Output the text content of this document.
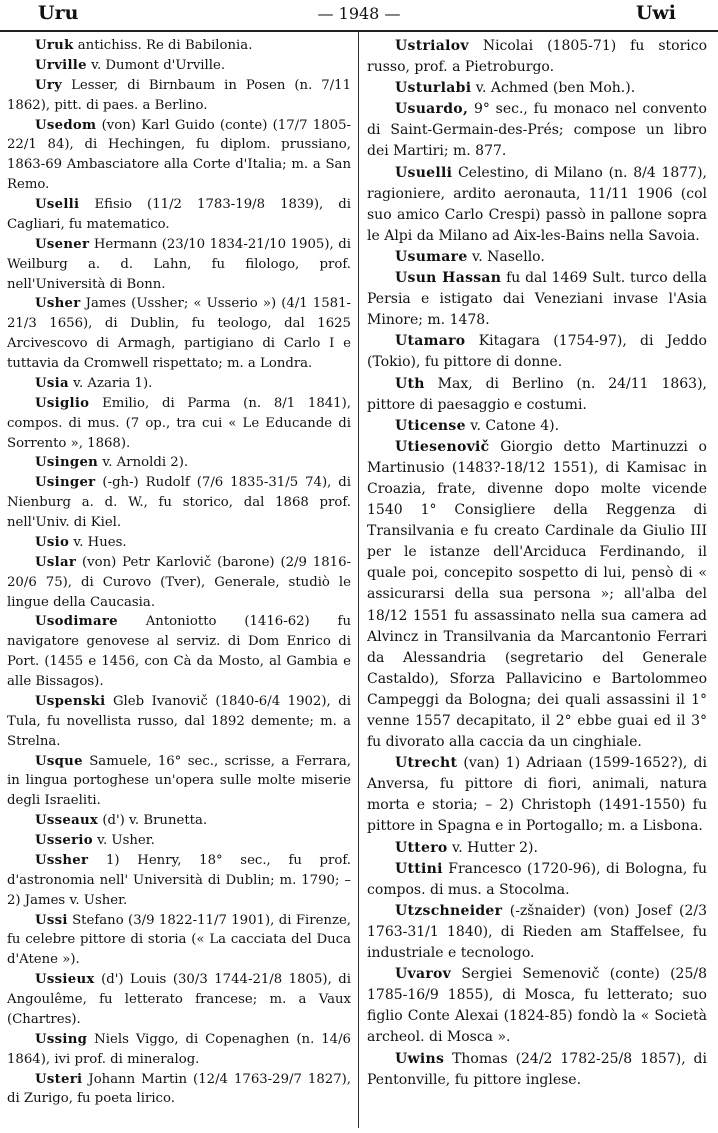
Uru	— 1948 —	Uwi

Uruk antichiss. Re di Babilonia.

Urville v. Dumont d'Urville.

Ury Lesser, di Birnbaum in Posen (n. 7/11 1862), pitt. di paes. a Berlino.

Usedom (von) Karl Guido (conte) (17/7 1805-22/1 84), di Hechingen, fu diplom. prussiano, 1863-69 Ambasciatore alla Corte d'Italia; m. a San Remo.

Uselli Efisio (11/2 1783-19/8 1839), di Cagliari, fu matematico.

Usener Hermann (23/10 1834-21/10 1905), di Weilburg a. d. Lahn, fu filologo, prof. nell'Università di Bonn.

Usher James (Ussher; « Usserio ») (4/1 1581-21/3 1656), di Dublin, fu teologo, dal 1625 Arcivescovo di Armagh, partigiano di Carlo I e tuttavia da Cromwell rispettato; m. a Londra.

Usia v. Azaria 1).

Usiglio Emilio, di Parma (n. 8/1 1841), compos. di mus. (7 op., tra cui « Le Educande di Sorrento », 1868).

Usingen v. Arnoldi 2).

Usinger (-gh-) Rudolf (7/6 1835-31/5 74), di Nienburg a. d. W., fu storico, dal 1868 prof. nell'Univ. di Kiel.

Usio v. Hues.

Uslar (von) Petr Karlovič (barone) (2/9 1816-20/6 75), di Curovo (Tver), Generale, studiò le lingue della Caucasia.

Usodimare Antoniotto (1416-62) fu navigatore genovese al serviz. di Dom Enrico di Port. (1455 e 1456, con Cà da Mosto, al Gambia e alle Bissagos).

Uspenski Gleb Ivanovič (1840-6/4 1902), di Tula, fu novellista russo, dal 1892 demente; m. a Strelna.

Usque Samuele, 16° sec., scrisse, a Ferrara, in lingua portoghese un'opera sulle molte miserie degli Israeliti.

Usseaux (d') v. Brunetta.

Usserio v. Usher.

Ussher 1) Henry, 18° sec., fu prof. d'astronomia nell' Università di Dublin; m. 1790; – 2) James v. Usher.

Ussi Stefano (3/9 1822-11/7 1901), di Firenze, fu celebre pittore di storia (« La cacciata del Duca d'Atene »).

Ussieux (d') Louis (30/3 1744-21/8 1805), di Angoulême, fu letterato francese; m. a Vaux (Chartres).

Ussing Niels Viggo, di Copenaghen (n. 14/6 1864), ivi prof. di mineralog.

Usteri Johann Martin (12/4 1763-29/7 1827), di Zurigo, fu poeta lirico.

Ustrialov Nicolai (1805-71) fu storico russo, prof. a Pietroburgo.

Usturlabi v. Achmed (ben Moh.).

Usuardo, 9° sec., fu monaco nel convento di Saint-Germain-des-Prés; compose un libro dei Martiri; m. 877.

Usuelli Celestino, di Milano (n. 8/4 1877), ragioniere, ardito aeronauta, 11/11 1906 (col suo amico Carlo Crespi) passò in pallone sopra le Alpi da Milano ad Aix-les-Bains nella Savoia.

Usumare v. Nasello.

Usun Hassan fu dal 1469 Sult. turco della Persia e istigato dai Veneziani invase l'Asia Minore; m. 1478.

Utamaro Kitagara (1754-97), di Jeddo (Tokio), fu pittore di donne.

Uth Max, di Berlino (n. 24/11 1863), pittore di paesaggio e costumi.

Uticense v. Catone 4).

Utiesenovič Giorgio detto Martinuzzi o Martinusio (1483?-18/12 1551), di Kamisac in Croazia, frate, divenne dopo molte vicende 1540 1° Consigliere della Reggenza di Transilvania e fu creato Cardinale da Giulio III per le istanze dell'Arciduca Ferdinando, il quale poi, concepito sospetto di lui, pensò di « assicurarsi della sua persona »; all'alba del 18/12 1551 fu assassinato nella sua camera ad Alvincz in Transilvania da Marcantonio Ferrari da Alessandria (segretario del Generale Castaldo), Sforza Pallavicino e Bartolommeo Campeggi da Bologna; dei quali assassini il 1° venne 1557 decapitato, il 2° ebbe guai ed il 3° fu divorato alla caccia da un cinghiale.

Utrecht (van) 1) Adriaan (1599-1652?), di Anversa, fu pittore di fiori, animali, natura morta e storia; – 2) Christoph (1491-1550) fu pittore in Spagna e in Portogallo; m. a Lisbona.

Uttero v. Hutter 2).

Uttini Francesco (1720-96), di Bologna, fu compos. di mus. a Stocolma.

Utzschneider (-zšnaider) (von) Josef (2/3 1763-31/1 1840), di Rieden am Staffelsee, fu industriale e tecnologo.

Uvarov Sergiei Semenovič (conte) (25/8 1785-16/9 1855), di Mosca, fu letterato; suo figlio Conte Alexai (1824-85) fondò la « Società archeol. di Mosca ».

Uwins Thomas (24/2 1782-25/8 1857), di Pentonville, fu pittore inglese.
